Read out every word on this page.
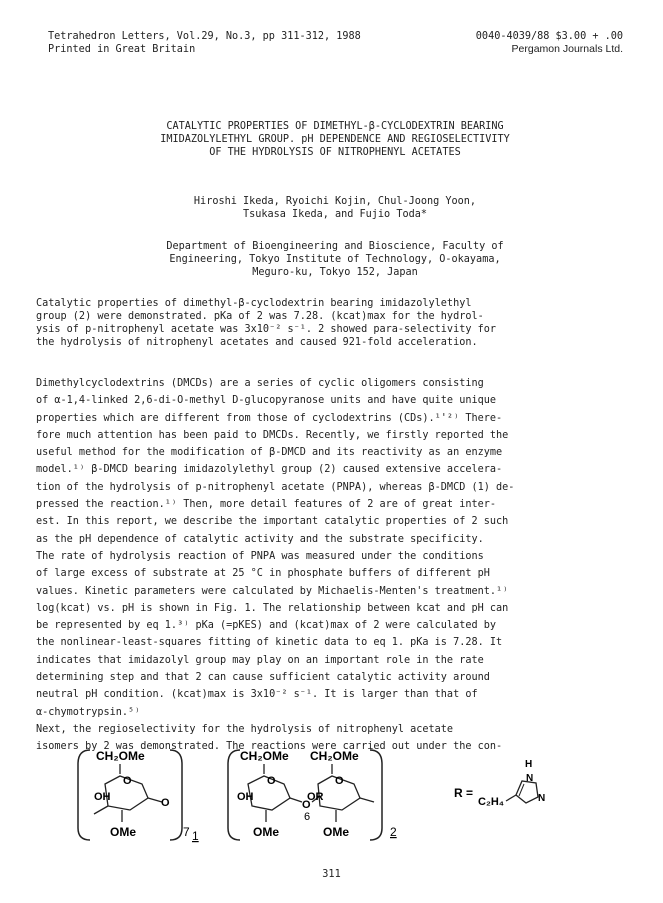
Tetrahedron Letters, Vol.29, No.3, pp 311-312, 1988	0040-4039/88 $3.00 + .00
Printed in Great Britain	Pergamon Journals Ltd.
CATALYTIC PROPERTIES OF DIMETHYL-β-CYCLODEXTRIN BEARING
IMIDAZOLYLETHYL GROUP. pH DEPENDENCE AND REGIOSELECTIVITY
OF THE HYDROLYSIS OF NITROPHENYL ACETATES
Hiroshi Ikeda, Ryoichi Kojin, Chul-Joong Yoon,
Tsukasa Ikeda, and Fujio Toda*
Department of Bioengineering and Bioscience, Faculty of
Engineering, Tokyo Institute of Technology, O-okayama,
Meguro-ku, Tokyo 152, Japan
Catalytic properties of dimethyl-β-cyclodextrin bearing imidazolylethyl
group (2) were demonstrated. pKa of 2 was 7.28. (kcat)max for the hydrol-
ysis of p-nitrophenyl acetate was 3x10⁻² s⁻¹. 2 showed para-selectivity for
the hydrolysis of nitrophenyl acetates and caused 921-fold acceleration.
Dimethylcyclodextrins (DMCDs) are a series of cyclic oligomers consisting
of α-1,4-linked 2,6-di-O-methyl D-glucopyranose units and have quite unique
properties which are different from those of cyclodextrins (CDs).¹'²⁾ There-
fore much attention has been paid to DMCDs. Recently, we firstly reported the
useful method for the modification of β-DMCD and its reactivity as an enzyme
model.¹⁾ β-DMCD bearing imidazolylethyl group (2) caused extensive accelera-
tion of the hydrolysis of p-nitrophenyl acetate (PNPA), whereas β-DMCD (1) de-
pressed the reaction.¹⁾ Then, more detail features of 2 are of great inter-
est. In this report, we describe the important catalytic properties of 2 such
as the pH dependence of catalytic activity and the substrate specificity.
The rate of hydrolysis reaction of PNPA was measured under the conditions
of large excess of substrate at 25 °C in phosphate buffers of different pH
values. Kinetic parameters were calculated by Michaelis-Menten's treatment.¹⁾
log(kcat) vs. pH is shown in Fig. 1. The relationship between kcat and pH can
be represented by eq 1.³⁾ pKa (=pKES) and (kcat)max of 2 were calculated by
the nonlinear-least-squares fitting of kinetic data to eq 1. pKa is 7.28. It
indicates that imidazolyl group may play on an important role in the rate
determining step and that 2 can cause sufficient catalytic activity around
neutral pH condition. (kcat)max is 3x10⁻² s⁻¹. It is larger than that of
α-chymotrypsin.⁵⁾
Next, the regioselectivity for the hydrolysis of nitrophenyl acetate
isomers by 2 was demonstrated. The reactions were carried out under the con-
CH₂OMe
O
OH	O
OMe	7 1
CH₂OMe CH₂OMe
O	O
OH	OR
O
6
OMe	OMe	2
R =
C₂H₄
H
N
N
311
